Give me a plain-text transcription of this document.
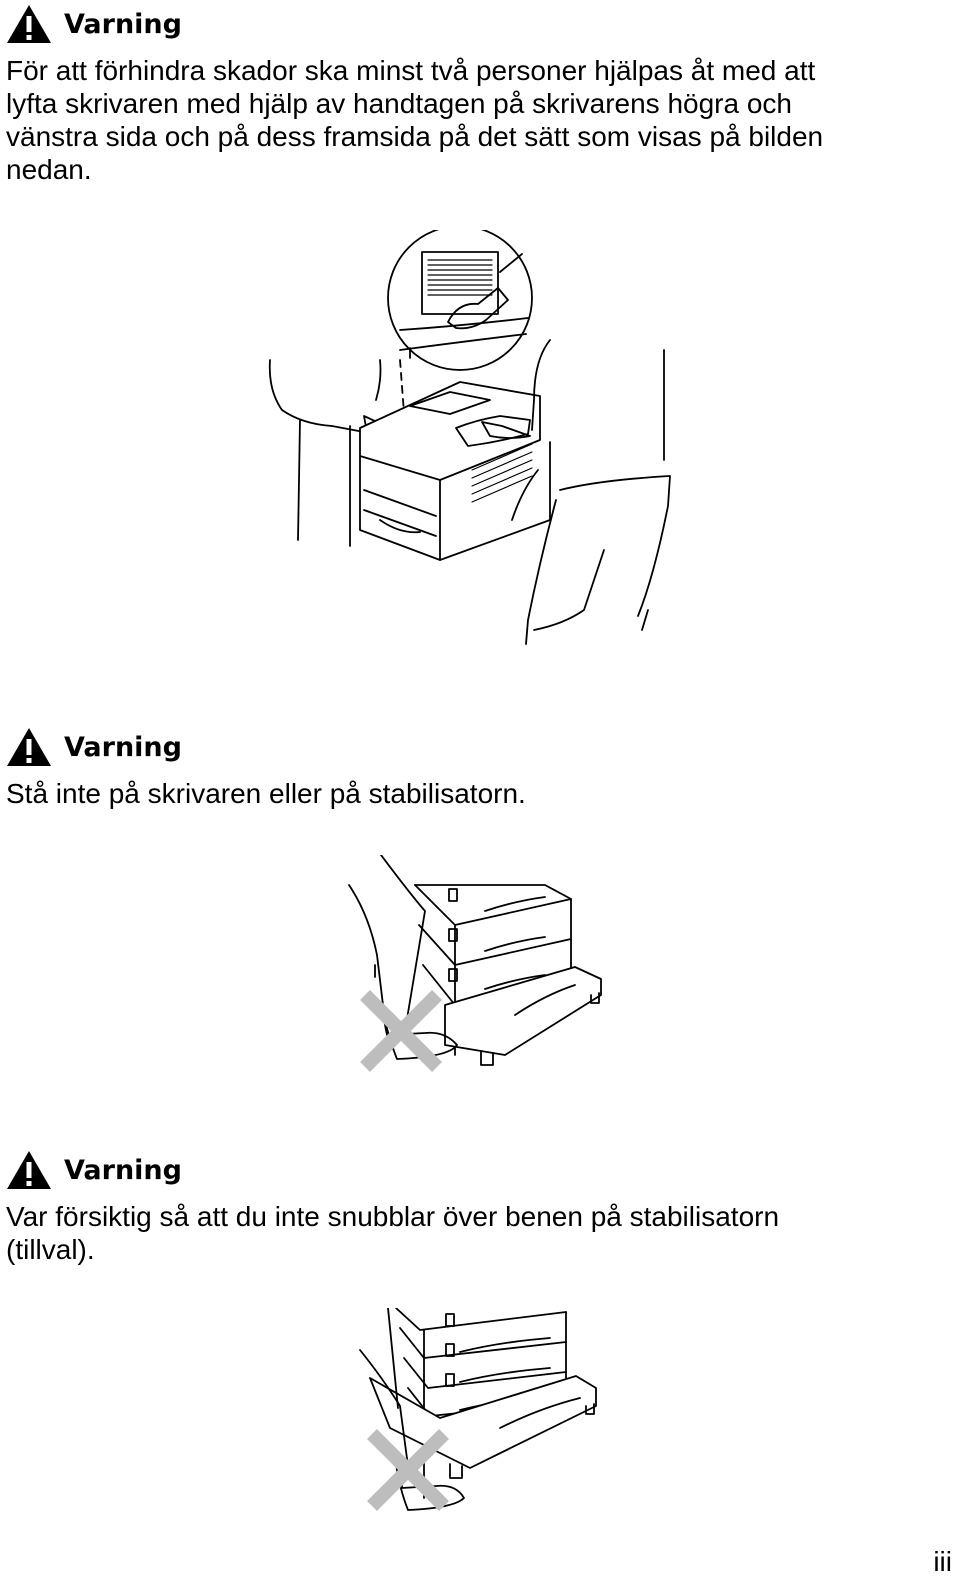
Varning

För att förhindra skador ska minst två personer hjälpas åt med att
lyfta skrivaren med hjälp av handtagen på skrivarens högra och
vänstra sida och på dess framsida på det sätt som visas på bilden
nedan.

Varning

Stå inte på skrivaren eller på stabilisatorn.

Varning

Var försiktig så att du inte snubblar över benen på stabilisatorn
(tillval).

iii
